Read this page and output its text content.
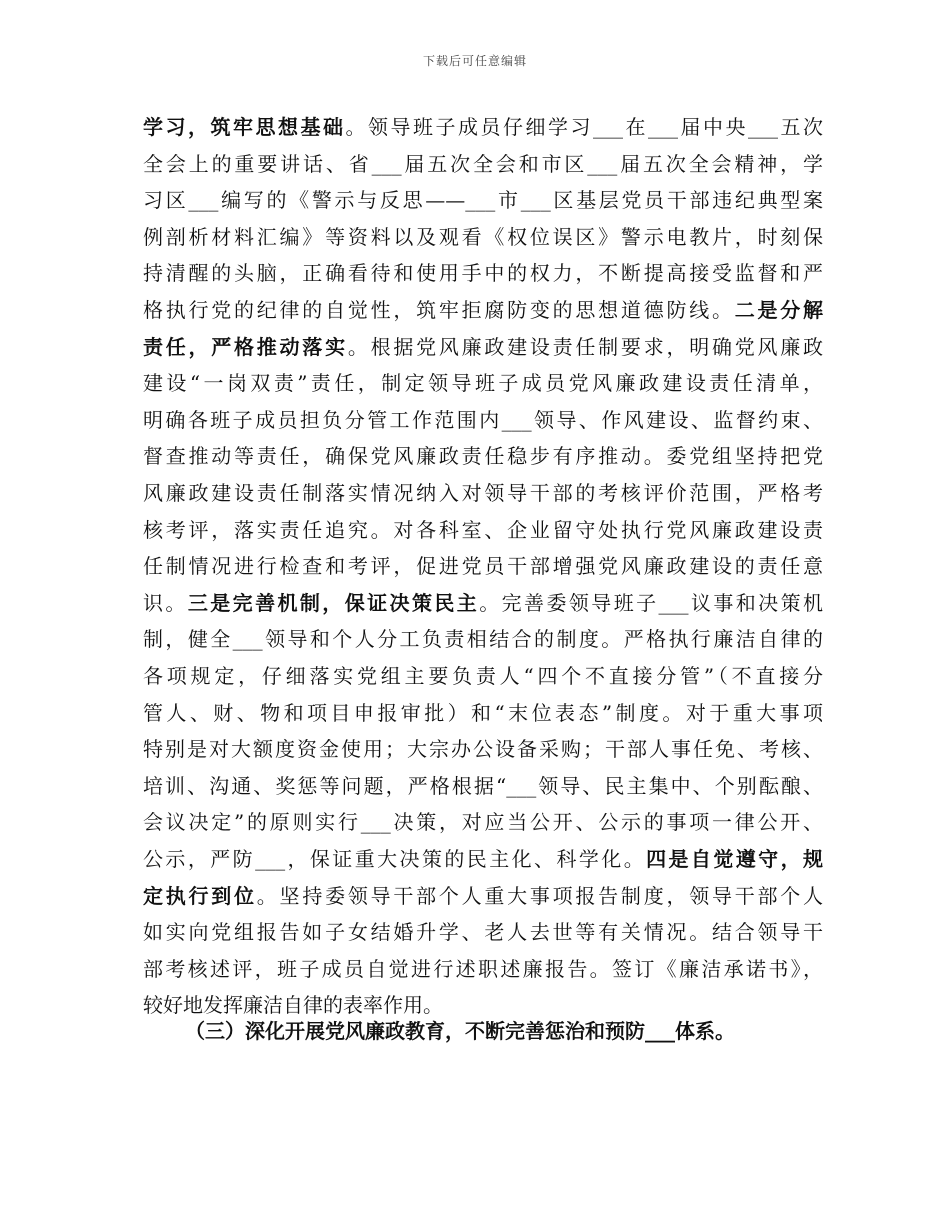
下载后可任意编辑
学习，筑牢思想基础。领导班子成员仔细学习___在___届中央___五次
全会上的重要讲话、省___届五次全会和市区___届五次全会精神，学
习区___编写的《警示与反思——___市___区基层党员干部违纪典型案
例剖析材料汇编》等资料以及观看《权位误区》警示电教片，时刻保
持清醒的头脑，正确看待和使用手中的权力，不断提高接受监督和严
格执行党的纪律的自觉性，筑牢拒腐防变的思想道德防线。二是分解
责任，严格推动落实。根据党风廉政建设责任制要求，明确党风廉政
建设“一岗双责”责任，制定领导班子成员党风廉政建设责任清单，
明确各班子成员担负分管工作范围内___领导、作风建设、监督约束、
督查推动等责任，确保党风廉政责任稳步有序推动。委党组坚持把党
风廉政建设责任制落实情况纳入对领导干部的考核评价范围，严格考
核考评，落实责任追究。对各科室、企业留守处执行党风廉政建设责
任制情况进行检查和考评，促进党员干部增强党风廉政建设的责任意
识。三是完善机制，保证决策民主。完善委领导班子___议事和决策机
制，健全___领导和个人分工负责相结合的制度。严格执行廉洁自律的
各项规定，仔细落实党组主要负责人“四个不直接分管”（不直接分
管人、财、物和项目申报审批）和“末位表态”制度。对于重大事项
特别是对大额度资金使用；大宗办公设备采购；干部人事任免、考核、
培训、沟通、奖惩等问题，严格根据“___领导、民主集中、个别酝酿、
会议决定”的原则实行___决策，对应当公开、公示的事项一律公开、
公示，严防___，保证重大决策的民主化、科学化。四是自觉遵守，规
定执行到位。坚持委领导干部个人重大事项报告制度，领导干部个人
如实向党组报告如子女结婚升学、老人去世等有关情况。结合领导干
部考核述评，班子成员自觉进行述职述廉报告。签订《廉洁承诺书》，
较好地发挥廉洁自律的表率作用。
（三）深化开展党风廉政教育，不断完善惩治和预防___体系。
